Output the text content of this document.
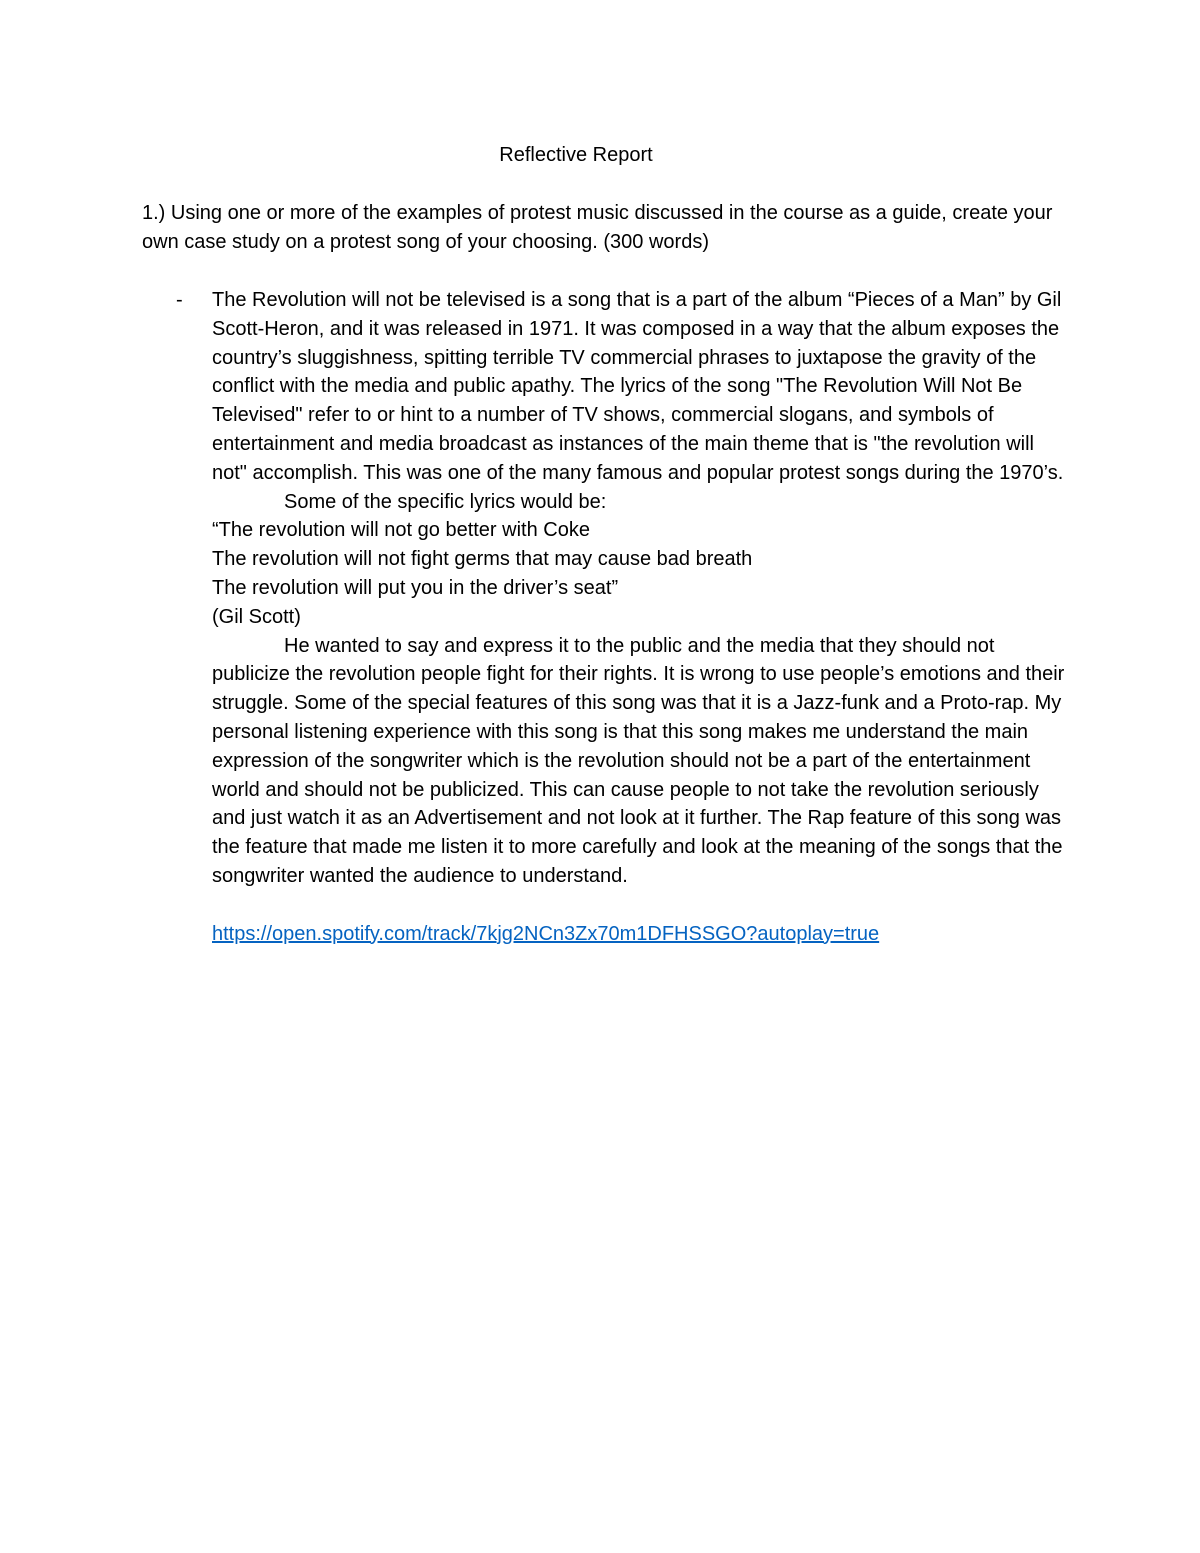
Reflective Report
1.) Using one or more of the examples of protest music discussed in the course as a guide, create your own case study on a protest song of your choosing. (300 words)
- The Revolution will not be televised is a song that is a part of the album “Pieces of a Man” by Gil Scott-Heron, and it was released in 1971. It was composed in a way that the album exposes the country’s sluggishness, spitting terrible TV commercial phrases to juxtapose the gravity of the conflict with the media and public apathy. The lyrics of the song "The Revolution Will Not Be Televised" refer to or hint to a number of TV shows, commercial slogans, and symbols of entertainment and media broadcast as instances of the main theme that is "the revolution will not" accomplish. This was one of the many famous and popular protest songs during the 1970’s.

Some of the specific lyrics would be:

“The revolution will not go better with Coke

The revolution will not fight germs that may cause bad breath

The revolution will put you in the driver’s seat”

(Gil Scott)

He wanted to say and express it to the public and the media that they should not publicize the revolution people fight for their rights. It is wrong to use people’s emotions and their struggle. Some of the special features of this song was that it is a Jazz-funk and a Proto-rap. My personal listening experience with this song is that this song makes me understand the main expression of the songwriter which is the revolution should not be a part of the entertainment world and should not be publicized. This can cause people to not take the revolution seriously and just watch it as an Advertisement and not look at it further. The Rap feature of this song was the feature that made me listen it to more carefully and look at the meaning of the songs that the songwriter wanted the audience to understand.

https://open.spotify.com/track/7kjg2NCn3Zx70m1DFHSSGO?autoplay=true
